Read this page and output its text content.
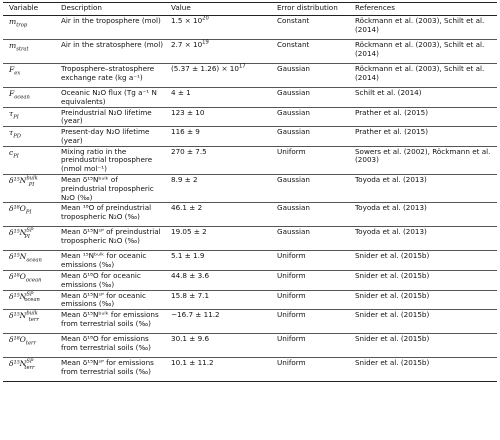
Variable	Description	Value	Error distribution	References
$m_{trop}$	Air in the troposphere (mol)	$1.5 \times 10^{20}$	Constant	Röckmann et al. (2003), Schilt et al. (2014)
$m_{strat}$	Air in the stratosphere (mol)	$2.7 \times 10^{19}$	Constant	Röckmann et al. (2003), Schilt et al. (2014)
$F_{ex}$	Troposphere–stratosphere exchange rate (kg a⁻¹)	$(5.37 \pm 1.26) \times 10^{17}$	Gaussian	Röckmann et al. (2003), Schilt et al. (2014)
$F_{ocean}$	Oceanic N₂O flux (Tg a⁻¹ N equivalents)	4 ± 1	Gaussian	Schilt et al. (2014)
$\tau_{PI}$	Preindustrial N₂O lifetime (year)	123 ± 10	Gaussian	Prather et al. (2015)
$\tau_{PD}$	Present-day N₂O lifetime (year)	116 ± 9	Gaussian	Prather et al. (2015)
$c_{PI}$	Mixing ratio in the preindustrial troposphere (nmol mol⁻¹)	270 ± 7.5	Uniform	Sowers et al. (2002), Röckmann et al. (2003)
$\delta^{15}N^{bulk}_{PI}$	Mean δ¹⁵Nᵇᵘˡᵏ of preindustrial tropospheric N₂O (‰)	8.9 ± 2	Gaussian	Toyoda et al. (2013)
$\delta^{18}O_{PI}$	Mean ¹⁸O of preindustrial tropospheric N₂O (‰)	46.1 ± 2	Gaussian	Toyoda et al. (2013)
$\delta^{15}N^{SP}_{PI}$	Mean δ¹⁵Nˢᴾ of preindustrial tropospheric N₂O (‰)	19.05 ± 2	Gaussian	Toyoda et al. (2013)
$\delta^{15}N_{ocean}$	Mean ¹⁵Nᵇᵘˡᵏ for oceanic emissions (‰)	5.1 ± 1.9	Uniform	Snider et al. (2015b)
$\delta^{18}O_{ocean}$	Mean δ¹⁸O for oceanic emissions (‰)	44.8 ± 3.6	Uniform	Snider et al. (2015b)
$\delta^{15}N^{SP}_{ocean}$	Mean δ¹⁵Nˢᴾ for oceanic emissions (‰)	15.8 ± 7.1	Uniform	Snider et al. (2015b)
$\delta^{15}N^{bulk}_{terr}$	Mean δ¹⁵Nᵇᵘˡᵏ for emissions from terrestrial soils (‰)	−16.7 ± 11.2	Uniform	Snider et al. (2015b)
$\delta^{18}O_{terr}$	Mean δ¹⁸O for emissions from terrestrial soils (‰)	30.1 ± 9.6	Uniform	Snider et al. (2015b)
$\delta^{15}N^{SP}_{terr}$	Mean δ¹⁵Nˢᴾ for emissions from terrestrial soils (‰)	10.1 ± 11.2	Uniform	Snider et al. (2015b)
